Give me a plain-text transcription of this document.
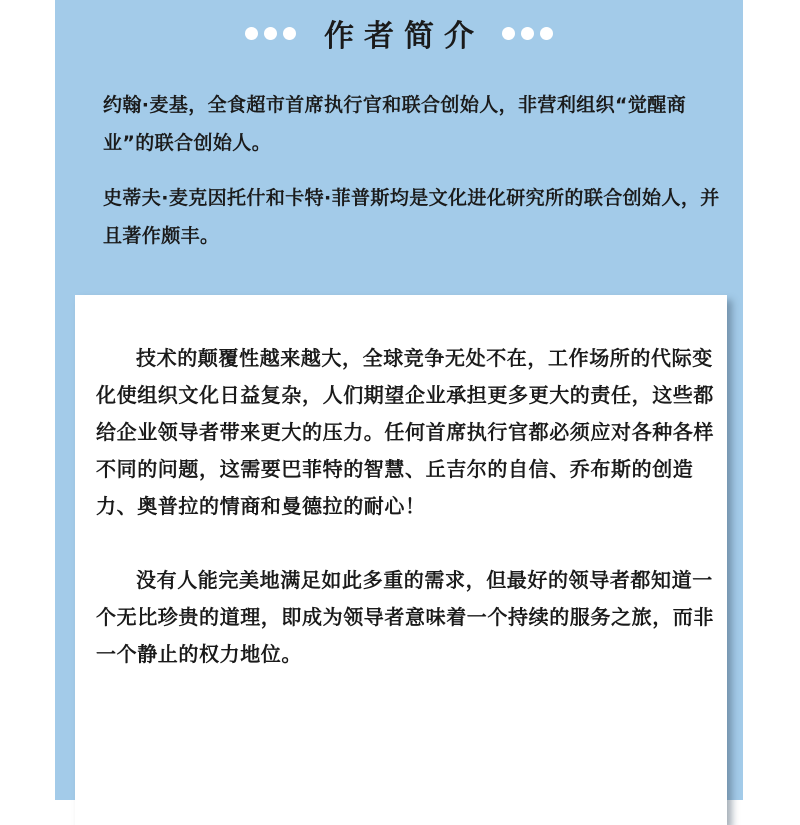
作者简介

约翰·麦基，全食超市首席执行官和联合创始人，非营利组织“觉醒商业”的联合创始人。

史蒂夫·麦克因托什和卡特·菲普斯均是文化进化研究所的联合创始人，并且著作颇丰。

技术的颠覆性越来越大，全球竞争无处不在，工作场所的代际变化使组织文化日益复杂，人们期望企业承担更多更大的责任，这些都给企业领导者带来更大的压力。任何首席执行官都必须应对各种各样不同的问题，这需要巴菲特的智慧、丘吉尔的自信、乔布斯的创造力、奥普拉的情商和曼德拉的耐心！

没有人能完美地满足如此多重的需求，但最好的领导者都知道一个无比珍贵的道理，即成为领导者意味着一个持续的服务之旅，而非一个静止的权力地位。
